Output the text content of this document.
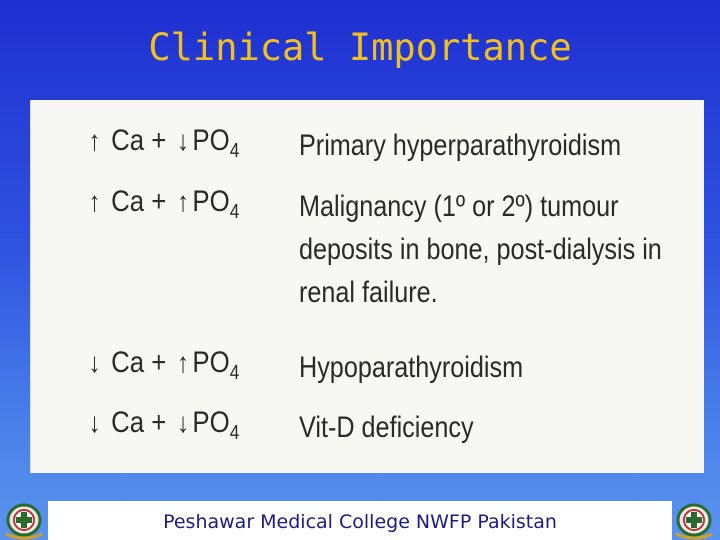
Clinical Importance
↑ Ca + ↓ $PO_4$ Primary hyperparathyroidism
↑ Ca + ↑ $PO_4$ Malignancy (1º or 2º) tumour
deposits in bone, post-dialysis in
renal failure.
↓ Ca + ↑ $PO_4$ Hypoparathyroidism
↓ Ca + ↓ $PO_4$ Vit-D deficiency
Peshawar Medical College NWFP Pakistan
